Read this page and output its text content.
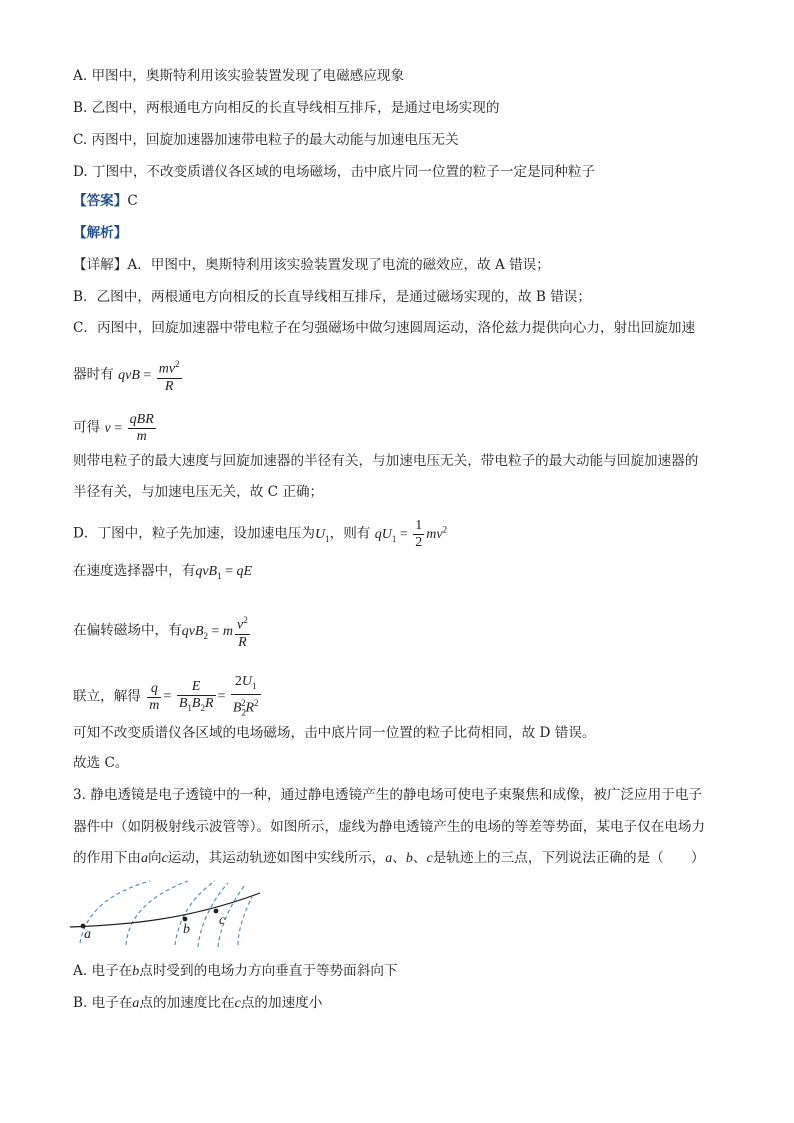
A. 甲图中，奥斯特利用该实验装置发现了电磁感应现象
B. 乙图中，两根通电方向相反的长直导线相互排斥，是通过电场实现的
C. 丙图中，回旋加速器加速带电粒子的最大动能与加速电压无关
D. 丁图中，不改变质谱仪各区域的电场磁场，击中底片同一位置的粒子一定是同种粒子
【答案】C
【解析】
【详解】A．甲图中，奥斯特利用该实验装置发现了电流的磁效应，故 A 错误；
B．乙图中，两根通电方向相反的长直导线相互排斥，是通过磁场实现的，故 B 错误；
C．丙图中，回旋加速器中带电粒子在匀强磁场中做匀速圆周运动，洛伦兹力提供向心力，射出回旋加速
器时有 qvB = $\frac{mv^2}{R}$
可得 $v = \frac{\text{qBR}}{m}$
则带电粒子的最大速度与回旋加速器的半径有关，与加速电压无关，带电粒子的最大动能与回旋加速器的
半径有关，与加速电压无关，故 C 正确；
D．丁图中，粒子先加速，设加速电压为$U_1$，则有 $qU_1 = \frac{1}{2} mv^2$
在速度选择器中，有qvB$_1$ = qE
在偏转磁场中，有qvB$_2$ = m $\frac{v^2}{R}$
联立，解得 $\frac{q}{m} = \frac{E}{B_1B_2R} = \frac{2U_1}{B_2^2R^2}$
可知不改变质谱仪各区域的电场磁场，击中底片同一位置的粒子比荷相同，故 D 错误。
故选 C。
3. 静电透镜是电子透镜中的一种，通过静电透镜产生的静电场可使电子束聚焦和成像，被广泛应用于电子
器件中（如阴极射线示波管等）。如图所示，虚线为静电透镜产生的电场的等差等势面，某电子仅在电场力
的作用下由a向c运动，其运动轨迹如图中实线所示，a、b、c是轨迹上的三点，下列说法正确的是（　　）
a	b
c
A. 电子在b点时受到的电场力方向垂直于等势面斜向下
B. 电子在a点的加速度比在c点的加速度小
